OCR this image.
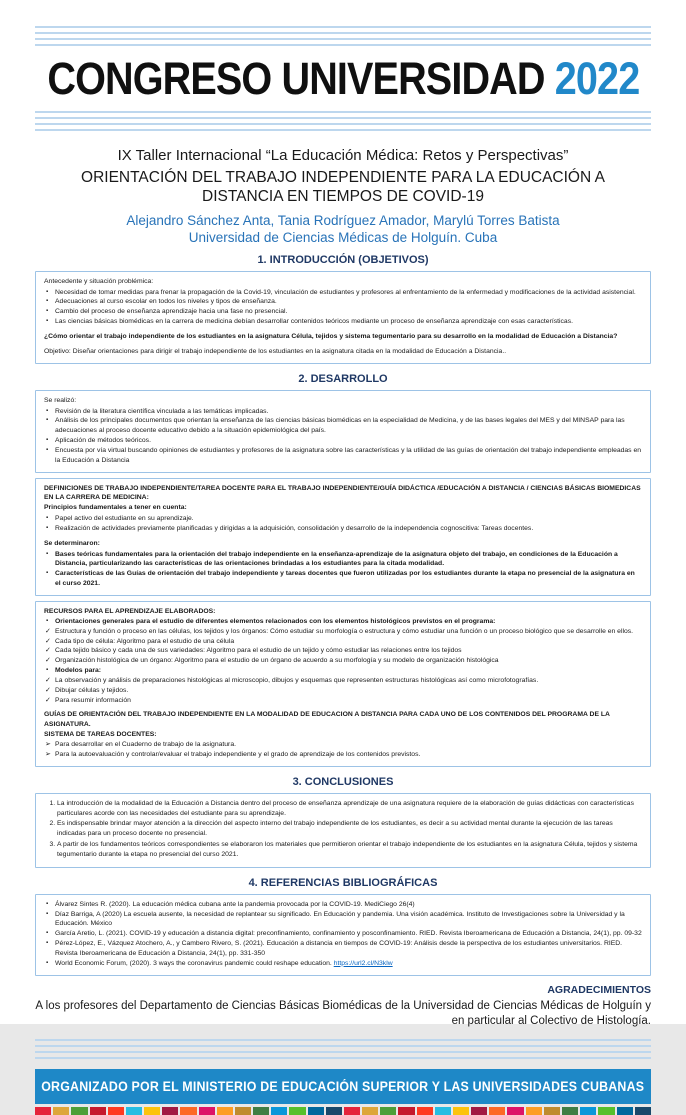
CONGRESO UNIVERSIDAD 2022
IX Taller Internacional “La Educación Médica: Retos y Perspectivas”
ORIENTACIÓN DEL TRABAJO INDEPENDIENTE PARA LA EDUCACIÓN A DISTANCIA EN TIEMPOS DE COVID-19
Alejandro Sánchez Anta, Tania Rodríguez Amador, Marylú Torres Batista
Universidad de Ciencias Médicas de Holguín. Cuba
1. INTRODUCCIÓN (OBJETIVOS)
Antecedente y situación problémica:
▪ Necesidad de tomar medidas para frenar la propagación de la Covid-19, vinculación de estudiantes y profesores al enfrentamiento de la enfermedad y modificaciones de la actividad asistencial.
▪ Adecuaciones al curso escolar en todos los niveles y tipos de enseñanza.
▪ Cambio del proceso de enseñanza aprendizaje hacia una fase no presencial.
▪ Las ciencias básicas biomédicas en la carrera de medicina debían desarrollar contenidos teóricos mediante un proceso de enseñanza aprendizaje con esas características.
¿Cómo orientar el trabajo independiente de los estudiantes en la asignatura Célula, tejidos y sistema tegumentario para su desarrollo en la modalidad de Educación a Distancia?
Objetivo: Diseñar orientaciones para dirigir el trabajo independiente de los estudiantes en la asignatura citada en la modalidad de Educación a Distancia..
2. DESARROLLO
Se realizó:
▪ Revisión de la literatura científica vinculada a las temáticas implicadas.
▪ Análisis de los principales documentos que orientan la enseñanza de las ciencias básicas biomédicas en la especialidad de Medicina, y de las bases legales del MES y del MINSAP para las adecuaciones al proceso docente educativo debido a la situación epidemiológica del país.
▪ Aplicación de métodos teóricos.
▪ Encuesta por vía virtual buscando opiniones de estudiantes y profesores de la asignatura sobre las características y la utilidad de las guías de orientación del trabajo independiente empleadas en la Educación a Distancia
DEFINICIONES DE TRABAJO INDEPENDIENTE/TAREA DOCENTE PARA EL TRABAJO INDEPENDIENTE/GUÍA DIDÁCTICA /EDUCACIÓN A DISTANCIA / CIENCIAS BÁSICAS BIOMEDICAS EN LA CARRERA DE MEDICINA:
Principios fundamentales a tener en cuenta:
▪ Papel activo del estudiante en su aprendizaje.
▪ Realización de actividades previamente planificadas y dirigidas a la adquisición, consolidación y desarrollo de la independencia cognoscitiva: Tareas docentes.
Se determinaron:
▪ Bases teóricas fundamentales para la orientación del trabajo independiente en la enseñanza-aprendizaje de la asignatura objeto del trabajo, en condiciones de la Educación a Distancia, particularizando las características de las orientaciones brindadas a los estudiantes para la citada modalidad.
▪ Características de las Guías de orientación del trabajo independiente y tareas docentes que fueron utilizadas por los estudiantes durante la etapa no presencial de la asignatura en el curso 2021.
RECURSOS PARA EL APRENDIZAJE ELABORADOS:
▪ Orientaciones generales para el estudio de diferentes elementos relacionados con los elementos histológicos previstos en el programa:
✓ Estructura y función o proceso en las células, los tejidos y los órganos: Cómo estudiar su morfología o estructura y cómo estudiar una función o un proceso biológico que se desarrolle en ellos.
✓ Cada tipo de célula: Algoritmo para el estudio de una célula
✓ Cada tejido básico y cada una de sus variedades: Algoritmo para el estudio de un tejido y cómo estudiar las relaciones entre los tejidos
✓ Organización histológica de un órgano: Algoritmo para el estudio de un órgano de acuerdo a su morfología y su modelo de organización histológica
▪ Modelos para:
✓ La observación y análisis de preparaciones histológicas al microscopio, dibujos y esquemas que representen estructuras histológicas así como microfotografías.
✓ Dibujar células y tejidos.
✓ Para resumir información
GUÍAS DE ORIENTACIÓN DEL TRABAJO INDEPENDIENTE EN LA MODALIDAD DE EDUCACION A DISTANCIA PARA CADA UNO DE LOS CONTENIDOS DEL PROGRAMA DE LA ASIGNATURA.
SISTEMA DE TAREAS DOCENTES:
➢ Para desarrollar en el Cuaderno de trabajo de la asignatura.
➢ Para la autoevaluación y controlar/evaluar el trabajo independiente y el grado de aprendizaje de los contenidos previstos.
3. CONCLUSIONES
1. La introducción de la modalidad de la Educación a Distancia dentro del proceso de enseñanza aprendizaje de una asignatura requiere de la elaboración de guías didácticas con características particulares acorde con las necesidades del estudiante para su aprendizaje.
2. Es indispensable brindar mayor atención a la dirección del aspecto interno del trabajo independiente de los estudiantes, es decir a su actividad mental durante la ejecución de las tareas indicadas para un proceso docente no presencial.
3. A partir de los fundamentos teóricos correspondientes se elaboraron los materiales que permitieron orientar el trabajo independiente de los estudiantes en la asignatura Célula, tejidos y sistema tegumentario durante la etapa no presencial del curso 2021.
4. REFERENCIAS BIBLIOGRÁFICAS
▪ Álvarez Sintes R. (2020). La educación médica cubana ante la pandemia provocada por la COVID-19. MediCiego 26(4)
▪ Díaz Barriga, A (2020) La escuela ausente, la necesidad de replantear su significado. En Educación y pandemia. Una visión académica. Instituto de Investigaciones sobre la Universidad y la Educación. México
▪ García Aretio, L. (2021). COVID-19 y educación a distancia digital: preconfinamiento, confinamiento y posconfinamiento. RIED. Revista Iberoamericana de Educación a Distancia, 24(1), pp. 09-32
▪ Pérez-López, E., Vázquez Atochero, A., y Cambero Rivero, S. (2021). Educación a distancia en tiempos de COVID-19: Análisis desde la perspectiva de los estudiantes universitarios. RIED. Revista Iberoamericana de Educación a Distancia, 24(1), pp. 331-350
▪ World Economic Forum, (2020). 3 ways the coronavirus pandemic could reshape education. https://url2.cl/N3klw
AGRADECIMIENTOS
A los profesores del Departamento de Ciencias Básicas Biomédicas de la Universidad de Ciencias Médicas de Holguín y en particular al Colectivo de Histología.
ORGANIZADO POR EL MINISTERIO DE EDUCACIÓN SUPERIOR Y LAS UNIVERSIDADES CUBANAS
